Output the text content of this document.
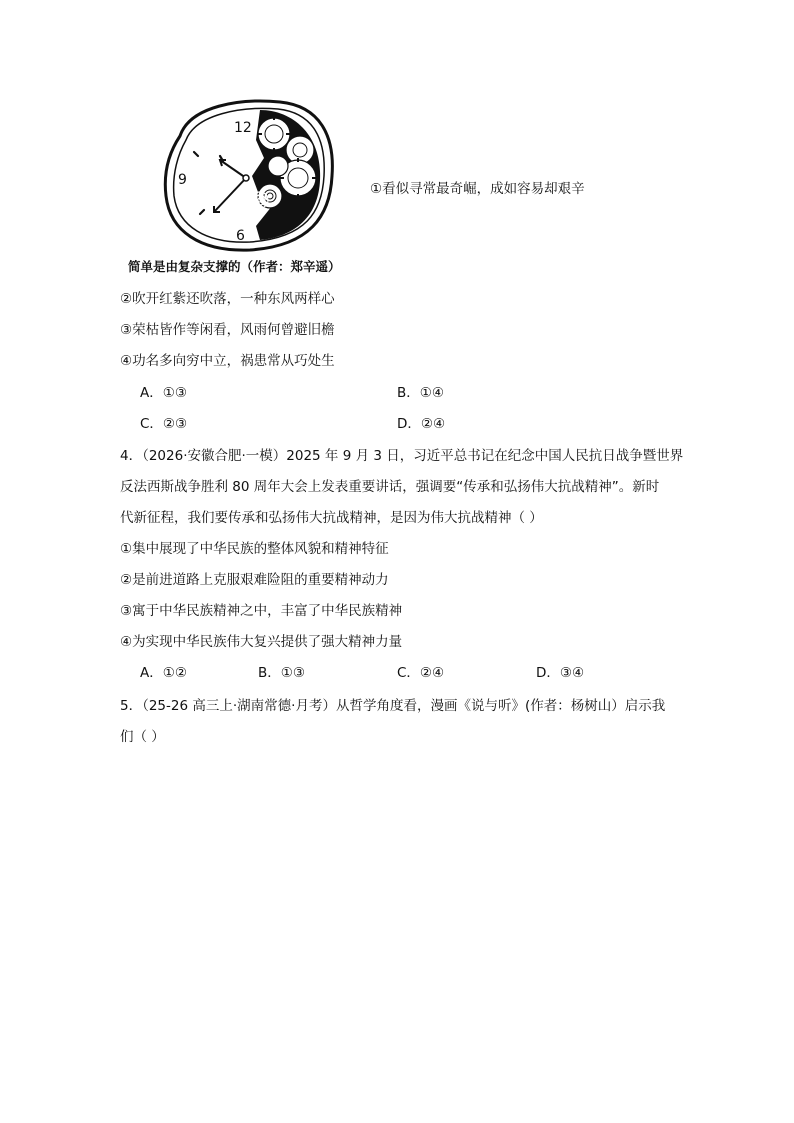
12
9
6
①看似寻常最奇崛，成如容易却艰辛
简单是由复杂支撑的（作者：郑辛遥）
②吹开红紫还吹落，一种东风两样心
③荣枯皆作等闲看，风雨何曾避旧檐
④功名多向穷中立，祸患常从巧处生
A．①③	B．①④
C．②③	D．②④
4．（2026·安徽合肥·一模）2025 年 9 月 3 日，习近平总书记在纪念中国人民抗日战争暨世界
反法西斯战争胜利 80 周年大会上发表重要讲话，强调要“传承和弘扬伟大抗战精神”。新时
代新征程，我们要传承和弘扬伟大抗战精神，是因为伟大抗战精神（ ）
①集中展现了中华民族的整体风貌和精神特征
②是前进道路上克服艰难险阻的重要精神动力
③寓于中华民族精神之中，丰富了中华民族精神
④为实现中华民族伟大复兴提供了强大精神力量
A．①②	B．①③	C．②④	D．③④
5．（25-26 高三上·湖南常德·月考）从哲学角度看，漫画《说与听》(作者：杨树山）启示我
们（ ）
